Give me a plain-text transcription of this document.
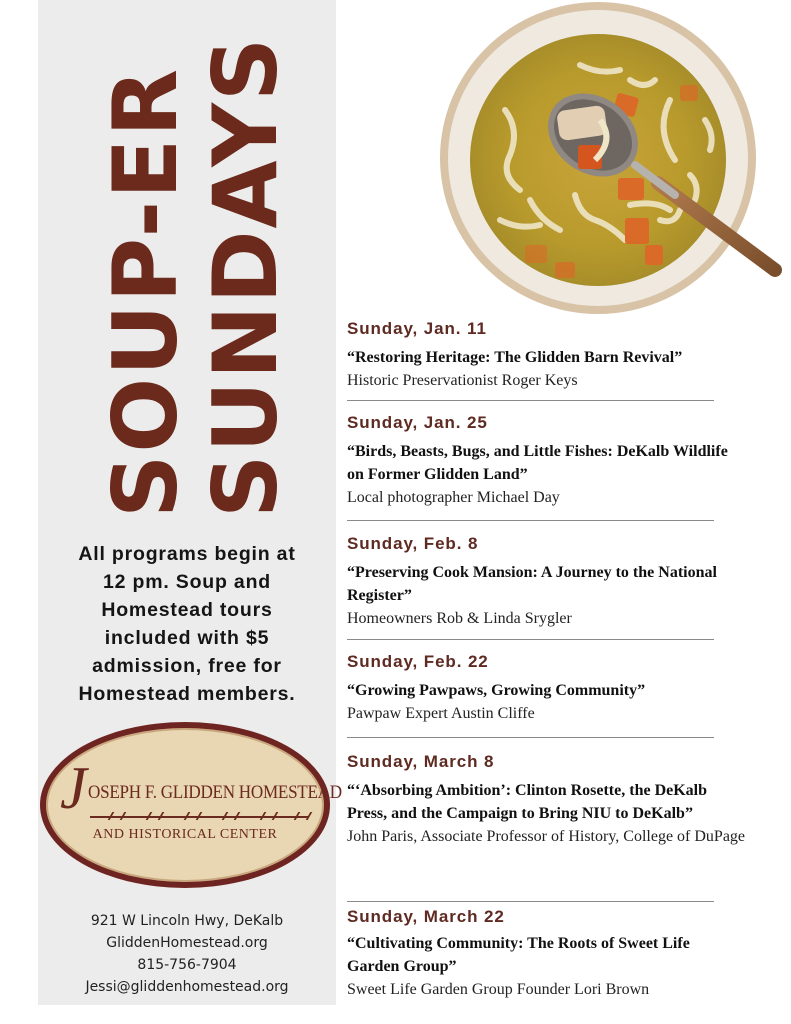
SOUP-ER
SUNDAYS
All programs begin at
12 pm. Soup and
Homestead tours
included with $5
admission, free for
Homestead members.
J OSEPH F. GLIDDEN HOMESTEAD
AND HISTORICAL CENTER
921 W Lincoln Hwy, DeKalb
GliddenHomestead.org
815-756-7904
Jessi@gliddenhomestead.org
Sunday, Jan. 11
“Restoring Heritage: The Glidden Barn Revival”
Historic Preservationist Roger Keys
Sunday, Jan. 25
“Birds, Beasts, Bugs, and Little Fishes: DeKalb Wildlife on Former Glidden Land”
Local photographer Michael Day
Sunday, Feb. 8
“Preserving Cook Mansion: A Journey to the National Register”
Homeowners Rob & Linda Srygler
Sunday, Feb. 22
“Growing Pawpaws, Growing Community”
Pawpaw Expert Austin Cliffe
Sunday, March 8
“‘Absorbing Ambition’: Clinton Rosette, the DeKalb Press, and the Campaign to Bring NIU to DeKalb”
John Paris, Associate Professor of History, College of DuPage
Sunday, March 22
“Cultivating Community: The Roots of Sweet Life Garden Group”
Sweet Life Garden Group Founder Lori Brown
